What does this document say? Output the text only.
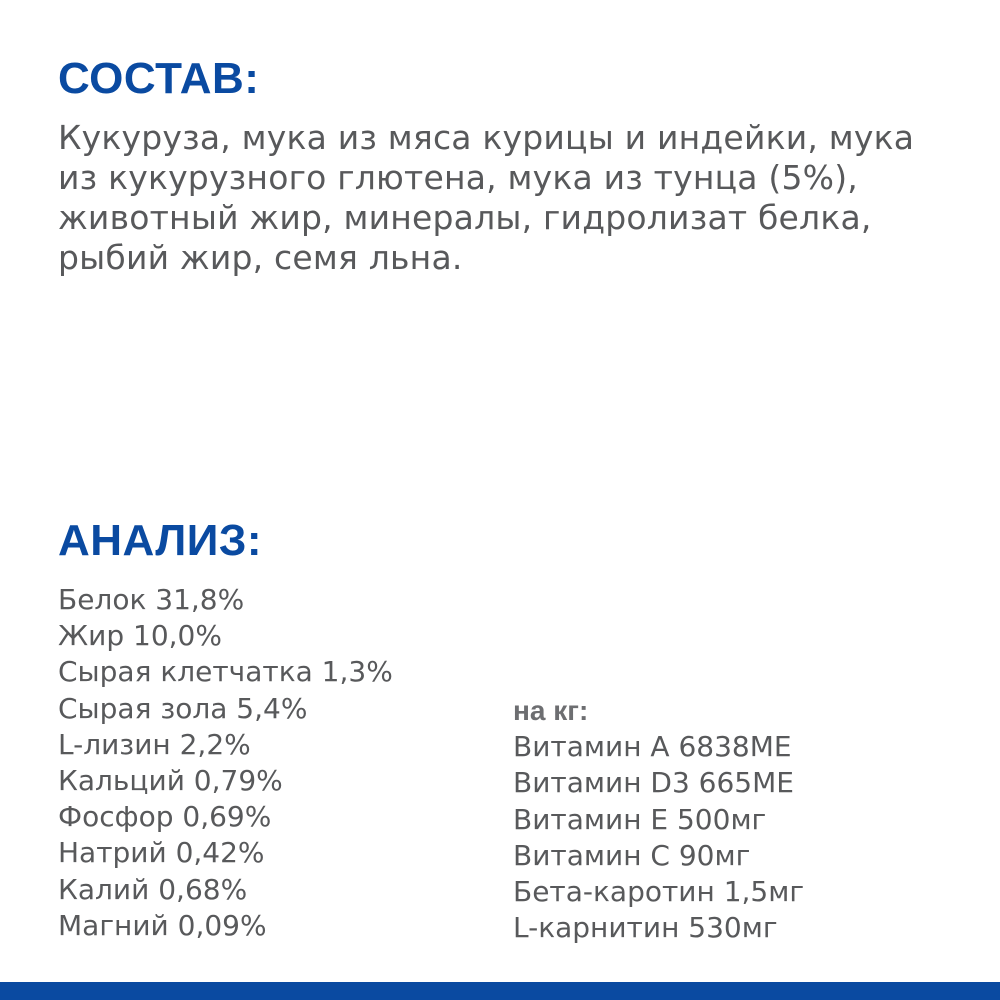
СОСТАВ:

Кукуруза, мука из мяса курицы и индейки, мука из кукурузного глютена, мука из тунца (5%), животный жир, минералы, гидролизат белка, рыбий жир, семя льна.

АНАЛИЗ:
Белок 31,8%
Жир 10,0%
Сырая клетчатка 1,3%
Сырая зола 5,4%
L-лизин 2,2%
Кальций 0,79%
Фосфор 0,69%
Натрий 0,42%
Калий 0,68%
Магний 0,09%
на кг:
Витамин А 6838МЕ
Витамин D3 665МЕ
Витамин Е 500мг
Витамин С 90мг
Бета-каротин 1,5мг
L-карнитин 530мг
